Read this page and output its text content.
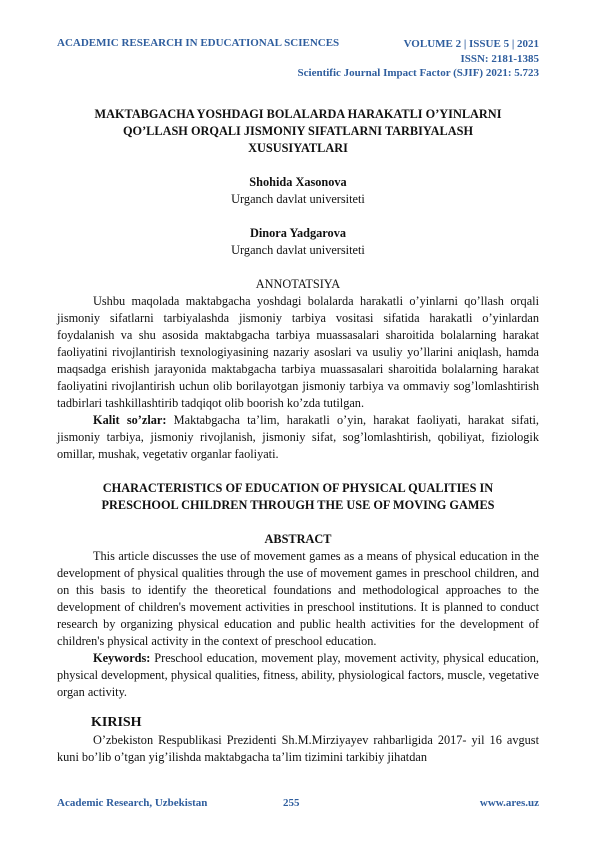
ACADEMIC RESEARCH IN EDUCATIONAL SCIENCES	VOLUME 2 | ISSUE 5 | 2021
ISSN: 2181-1385
Scientific Journal Impact Factor (SJIF) 2021: 5.723
MAKTABGACHA YOSHDAGI BOLALARDA HARAKATLI O’YINLARNI
QO’LLASH ORQALI JISMONIY SIFATLARNI TARBIYALASH
XUSUSIYATLARI
Shohida Xasonova
Urganch davlat universiteti
Dinora Yadgarova
Urganch davlat universiteti
ANNOTATSIYA
Ushbu maqolada maktabgacha yoshdagi bolalarda harakatli o’yinlarni qo’llash orqali jismoniy sifatlarni tarbiyalashda jismoniy tarbiya vositasi sifatida harakatli o’yinlardan foydalanish va shu asosida maktabgacha tarbiya muassasalari sharoitida bolalarning harakat faoliyatini rivojlantirish texnologiyasining nazariy asoslari va usuliy yo’llarini aniqlash, hamda maqsadga erishish jarayonida maktabgacha tarbiya muassasalari sharoitida bolalarning harakat faoliyatini rivojlantirish uchun olib borilayotgan jismoniy tarbiya va ommaviy sog’lomlashtirish tadbirlari tashkillashtirib tadqiqot olib boorish ko’zda tutilgan.
Kalit so’zlar: Maktabgacha ta’lim, harakatli o’yin, harakat faoliyati, harakat sifati, jismoniy tarbiya, jismoniy rivojlanish, jismoniy sifat, sog’lomlashtirish, qobiliyat, fiziologik omillar, mushak, vegetativ organlar faoliyati.
CHARACTERISTICS OF EDUCATION OF PHYSICAL QUALITIES IN
PRESCHOOL CHILDREN THROUGH THE USE OF MOVING GAMES
ABSTRACT
This article discusses the use of movement games as a means of physical education in the development of physical qualities through the use of movement games in preschool children, and on this basis to identify the theoretical foundations and methodological approaches to the development of children's movement activities in preschool institutions. It is planned to conduct research by organizing physical education and public health activities for the development of children's physical activity in the context of preschool education.
Keywords: Preschool education, movement play, movement activity, physical education, physical development, physical qualities, fitness, ability, physiological factors, muscle, vegetative organ activity.
KIRISH
O’zbekiston Respublikasi Prezidenti Sh.M.Mirziyayev rahbarligida 2017- yil 16 avgust kuni bo’lib o’tgan yig’ilishda maktabgacha ta’lim tizimini tarkibiy jihatdan
Academic Research, Uzbekistan	255	www.ares.uz
